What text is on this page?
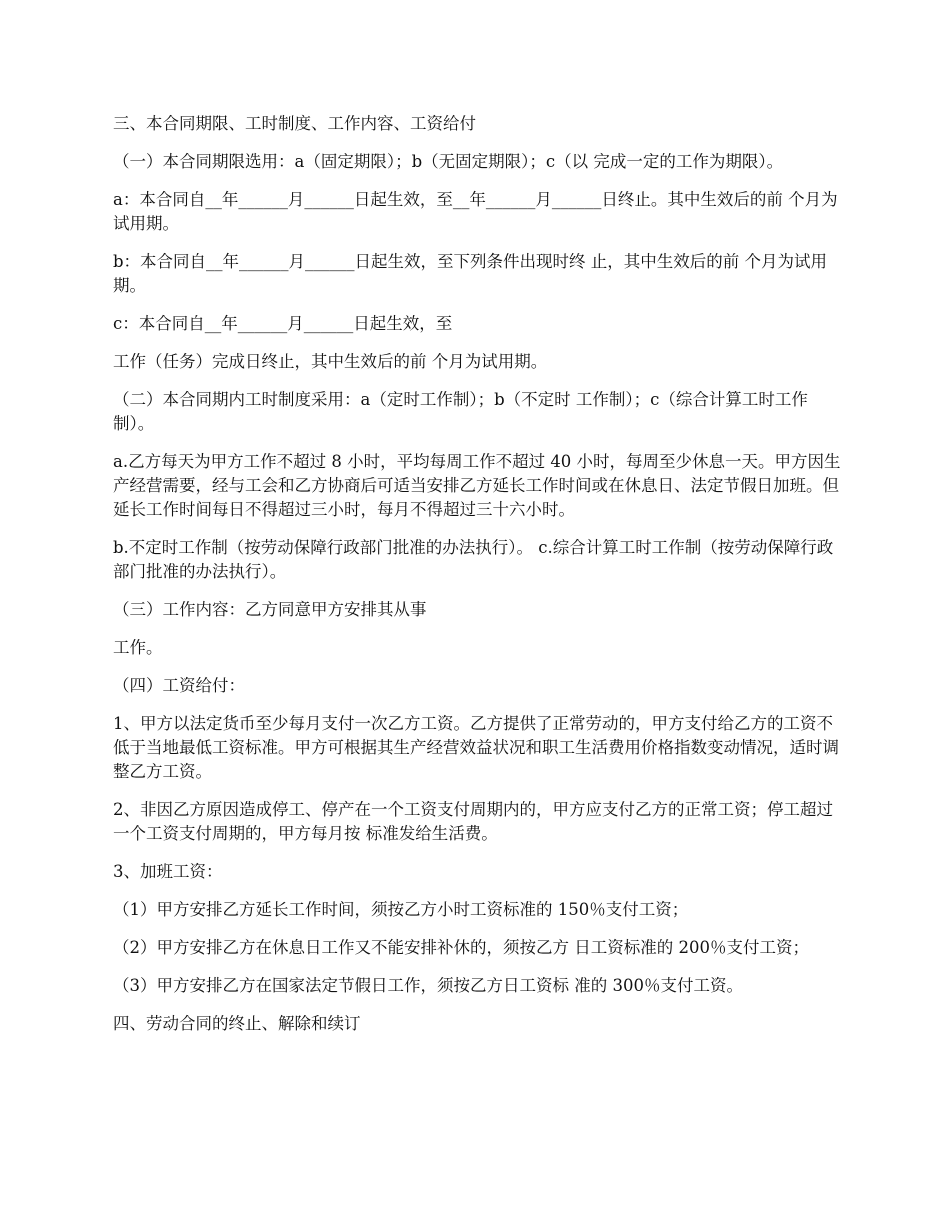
三、本合同期限、工时制度、工作内容、工资给付

（一）本合同期限选用：a（固定期限）；b（无固定期限）；c（以 完成一定的工作为期限）。

a：本合同自__年______月______日起生效，至__年______月______日终止。其中生效后的前 个月为试用期。

b：本合同自__年______月______日起生效，至下列条件出现时终 止，其中生效后的前 个月为试用期。

c：本合同自__年______月______日起生效，至

工作（任务）完成日终止，其中生效后的前 个月为试用期。

（二）本合同期内工时制度采用：a（定时工作制）；b（不定时 工作制）；c（综合计算工时工作制）。

a.乙方每天为甲方工作不超过 8 小时，平均每周工作不超过 40 小时，每周至少休息一天。甲方因生产经营需要，经与工会和乙方协商后可适当安排乙方延长工作时间或在休息日、法定节假日加班。但延长工作时间每日不得超过三小时，每月不得超过三十六小时。

b.不定时工作制（按劳动保障行政部门批准的办法执行）。 c.综合计算工时工作制（按劳动保障行政部门批准的办法执行）。

（三）工作内容：乙方同意甲方安排其从事

工作。

（四）工资给付：

1、甲方以法定货币至少每月支付一次乙方工资。乙方提供了正常劳动的，甲方支付给乙方的工资不低于当地最低工资标准。甲方可根据其生产经营效益状况和职工生活费用价格指数变动情况，适时调整乙方工资。

2、非因乙方原因造成停工、停产在一个工资支付周期内的，甲方应支付乙方的正常工资；停工超过一个工资支付周期的，甲方每月按 标准发给生活费。

3、加班工资：

（1）甲方安排乙方延长工作时间，须按乙方小时工资标准的 150％支付工资；

（2）甲方安排乙方在休息日工作又不能安排补休的，须按乙方 日工资标准的 200％支付工资；

（3）甲方安排乙方在国家法定节假日工作，须按乙方日工资标 准的 300％支付工资。

四、劳动合同的终止、解除和续订
